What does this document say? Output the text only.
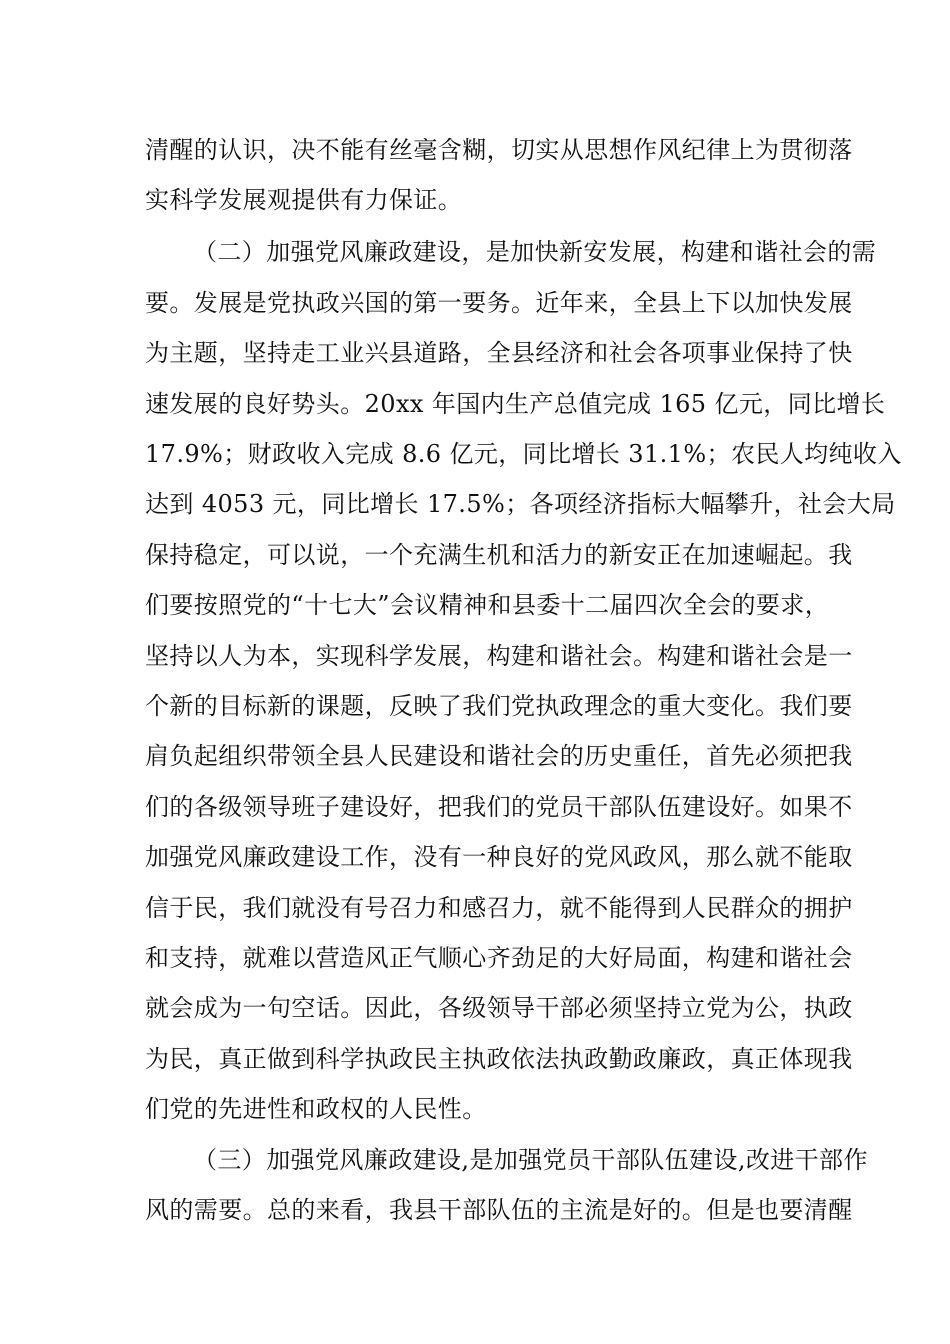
清醒的认识，决不能有丝毫含糊，切实从思想作风纪律上为贯彻落
实科学发展观提供有力保证。
（二）加强党风廉政建设，是加快新安发展，构建和谐社会的需
要。发展是党执政兴国的第一要务。近年来，全县上下以加快发展
为主题，坚持走工业兴县道路，全县经济和社会各项事业保持了快
速发展的良好势头。20xx 年国内生产总值完成 165 亿元，同比增长
17.9%；财政收入完成 8.6 亿元，同比增长 31.1%；农民人均纯收入
达到 4053 元，同比增长 17.5%；各项经济指标大幅攀升，社会大局
保持稳定，可以说，一个充满生机和活力的新安正在加速崛起。我
们要按照党的“十七大”会议精神和县委十二届四次全会的要求，
坚持以人为本，实现科学发展，构建和谐社会。构建和谐社会是一
个新的目标新的课题，反映了我们党执政理念的重大变化。我们要
肩负起组织带领全县人民建设和谐社会的历史重任，首先必须把我
们的各级领导班子建设好，把我们的党员干部队伍建设好。如果不
加强党风廉政建设工作，没有一种良好的党风政风，那么就不能取
信于民，我们就没有号召力和感召力，就不能得到人民群众的拥护
和支持，就难以营造风正气顺心齐劲足的大好局面，构建和谐社会
就会成为一句空话。因此，各级领导干部必须坚持立党为公，执政
为民，真正做到科学执政民主执政依法执政勤政廉政，真正体现我
们党的先进性和政权的人民性。
（三）加强党风廉政建设,是加强党员干部队伍建设,改进干部作
风的需要。总的来看，我县干部队伍的主流是好的。但是也要清醒
